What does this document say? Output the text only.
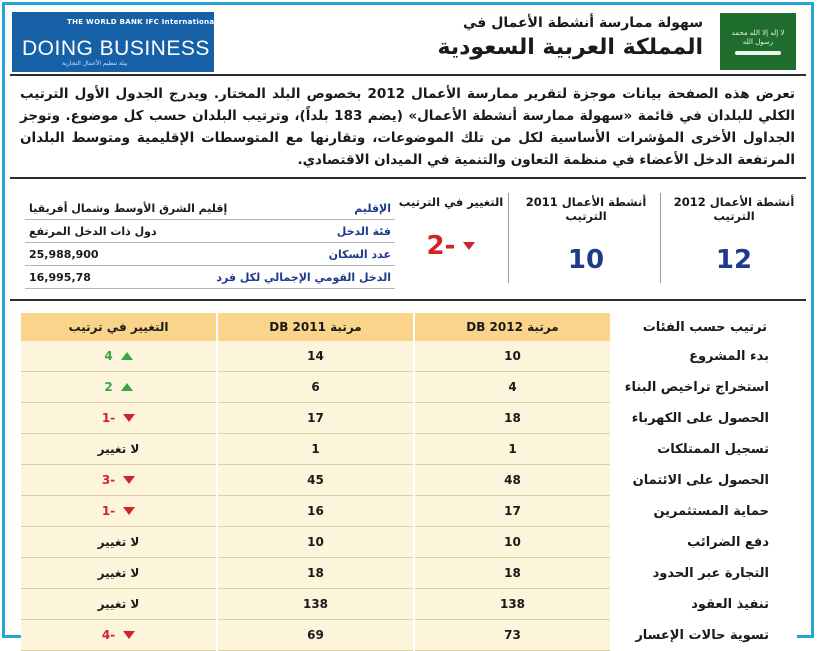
THE WORLD BANK IFC International Finance Corporation
DOING BUSINESS
بيئة تنظيم الأعمال التجارية
سهولة ممارسة أنشطة الأعمال في
المملكة العربية السعودية
لا إله إلا الله محمد رسول الله
تعرض هذه الصفحة بيانات موجزة لتقرير ممارسة الأعمال 2012 بخصوص البلد المختار. ويدرج الجدول الأول الترتيب الكلي للبلدان في قائمة «سهولة ممارسة أنشطة الأعمال» (يضم 183 بلداً)، وترتيب البلدان حسب كل موضوع. وتوجز الجداول الأخرى المؤشرات الأساسية لكل من تلك الموضوعات، وتقارنها مع المتوسطات الإقليمية ومتوسط البلدان المرتفعة الدخل الأعضاء في منظمة التعاون والتنمية في الميدان الاقتصادي.
أنشطة الأعمال 2012 الترتيب
12
أنشطة الأعمال 2011 الترتيب
10
التغيير في الترتيب
2-
الإقليم
إقليم الشرق الأوسط وشمال أفريقيا
فئة الدخل
دول ذات الدخل المرتفع
عدد السكان
25,988,900
الدخل القومي الإجمالي لكل فرد
16,995,78
التغيير في ترتيب	DB 2011 مرتبة	DB 2012 مرتبة	ترتيب حسب الفئات

4	14	10	بدء المشروع

2	6	4	استخراج تراخيص البناء

1-	17	18	الحصول على الكهرباء

لا تغيير	1	1	تسجيل الممتلكات

3-	45	48	الحصول على الائتمان

1-	16	17	حماية المستثمرين

لا تغيير	10	10	دفع الضرائب

لا تغيير	18	18	التجارة عبر الحدود

لا تغيير	138	138	تنفيذ العقود

4-	69	73	تسوية حالات الإعسار
